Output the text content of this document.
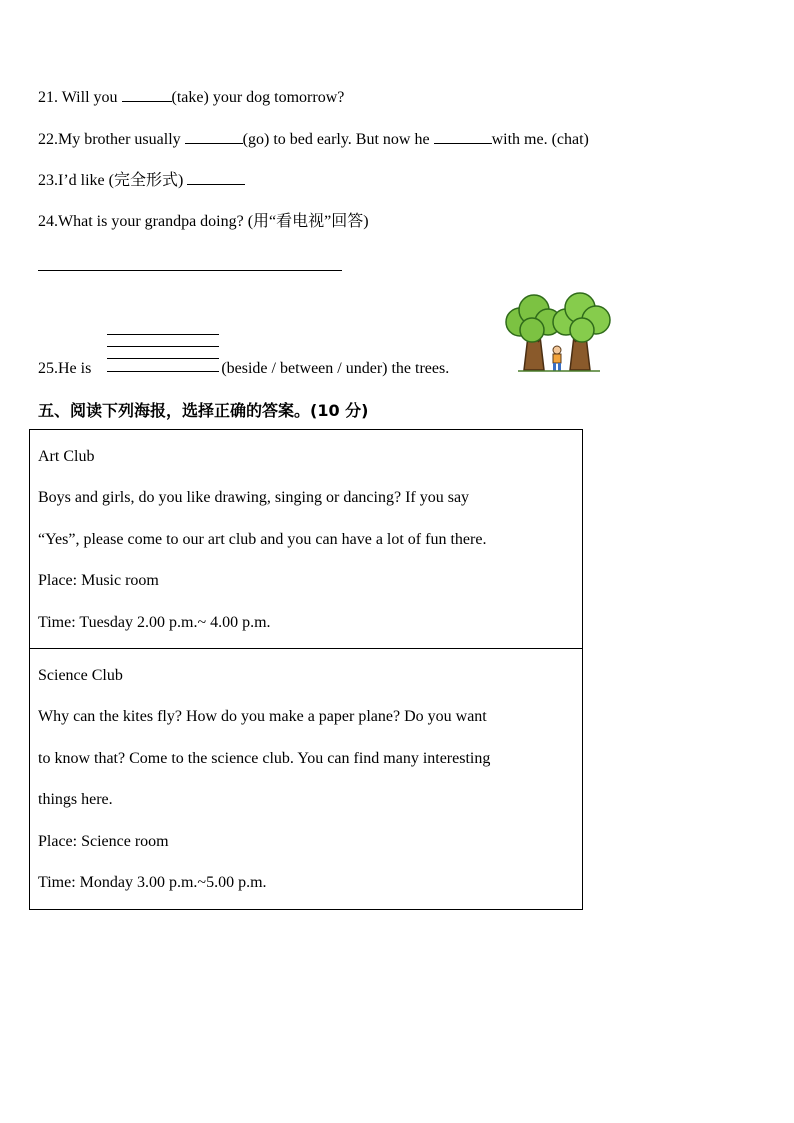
21. Will you	(take) your dog tomorrow?
22.My brother usually	(go) to bed early. But now he	with me. (chat)
23.I’d like (完全形式)
24.What is your grandpa doing? (用“看电视”回答)
25.He is	(beside / between / under) the trees.
五、阅读下列海报，选择正确的答案。(10 分)
Art Club
Boys and girls, do you like drawing, singing or dancing? If you say
“Yes”, please come to our art club and you can have a lot of fun there.
Place: Music room
Time: Tuesday 2.00 p.m.~ 4.00 p.m.
Science Club
Why can the kites fly? How do you make a paper plane? Do you want
to know that? Come to the science club. You can find many interesting
things here.
Place: Science room
Time: Monday 3.00 p.m.~5.00 p.m.
